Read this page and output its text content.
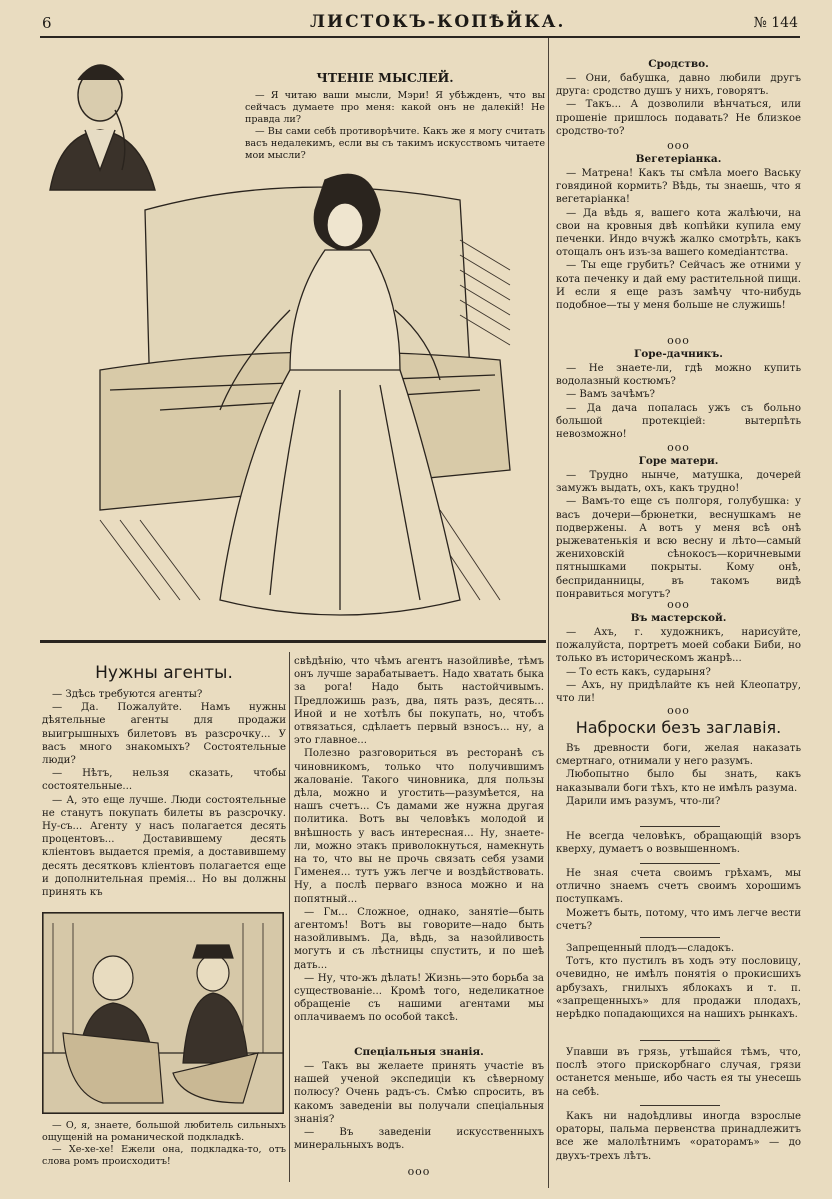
6	ЛИСТОКЪ-КОПѢЙКА.	№ 144
ЧТЕНIЕ МЫСЛЕЙ.

— Я читаю ваши мысли, Мэри! Я убѣжденъ, что вы сейчасъ думаете про меня: какой онъ не далекiй! Не правда ли?
— Вы сами себѣ противорѣчите. Какъ же я могу считать васъ недалекимъ, если вы съ такимъ искусствомъ читаете мои мысли?

Нужны агенты.

— Здѣсь требуются агенты?
— Да. Пожалуйте. Намъ нужны дѣятельные агенты для продажи выигрышныхъ билетовъ въ разсрочку... У васъ много знакомыхъ? Состоятельные люди?
— Нѣтъ, нельзя сказать, чтобы состоятельные...
— А, это еще лучше. Люди состоятельные не станутъ покупать билеты въ разсрочку. Ну-съ... Агенту у насъ полагается десять процентовъ... Доставившему десять клiентовъ выдается премiя, а доставившему десять десятковъ клiентовъ полагается еще и дополнительная премiя... Но вы должны принять къ

свѣдѣнiю, что чѣмъ агентъ назойливѣе, тѣмъ онъ лучше зарабатываетъ. Надо хватать быка за рога! Надо быть настойчивымъ. Предложишь разъ, два, пять разъ, десять... Иной и не хотѣлъ бы покупать, но, чтобъ отвязаться, сдѣлаетъ первый взносъ... ну, а это главное...
Полезно разговориться въ ресторанѣ съ чиновникомъ, только что получившимъ жалованiе. Такого чиновника, для пользы дѣла, можно и угостить—разумѣется, на нашъ счетъ... Съ дамами же нужна другая политика. Вотъ вы человѣкъ молодой и внѣшность у васъ интересная... Ну, знаете-ли, можно этакъ приволокнуться, намекнуть на то, что вы не прочь связать себя узами Гименея... тутъ ужъ легче и воздѣйствовать. Ну, а послѣ перваго взноса можно и на попятный...
— Гм... Сложное, однако, занятiе—быть агентомъ! Вотъ вы говорите—надо быть назойливымъ. Да, вѣдь, за назойливость могутъ и съ лѣстницы спустить, и по шеѣ дать...
— Ну, что-жъ дѣлать! Жизнь—это борьба за существованiе... Кромѣ того, неделикатное обращенiе съ нашими агентами мы оплачиваемъ по особой таксѣ.

Спецiальныя знанiя.

— Такъ вы желаете принять участiе въ нашей ученой экспедицiи къ сѣверному полюсу? Очень радъ-съ. Смѣю спросить, въ какомъ заведенiи вы получали спецiальныя знанiя?
— Въ заведенiи искусственныхъ минеральныхъ водъ.

ooo

— О, я, знаете, большой любитель сильныхъ ощущенiй на романической подкладкѣ.
— Хе-хе-хе! Ежели она, подкладка-то, отъ слова ромъ происходитъ!

Сродство.

— Они, бабушка, давно любили другъ друга: сродство душъ у нихъ, говорятъ.
— Такъ... А дозволили вѣнчаться, или прошенiе пришлось подавать? Не близкое сродство-то?

ooo
Вегетерiанка.

— Матрена! Какъ ты смѣла моего Ваську говядиной кормить? Вѣдь, ты знаешь, что я вегетарiанка!
— Да вѣдь я, вашего кота жалѣючи, на свои на кровныя двѣ копѣйки купила ему печенки. Индо вчужѣ жалко смотрѣть, какъ отощалъ онъ изъ-за вашего комедiантства.
— Ты еще грубить? Сейчасъ же отними у кота печенку и дай ему растительной пищи. И если я еще разъ замѣчу что-нибудь подобное—ты у меня больше не служишь!

ooo
Горе-дачникъ.

— Не знаете-ли, гдѣ можно купить водолазный костюмъ?
— Вамъ зачѣмъ?
— Да дача попалась ужъ съ больно большой протекцiей: вытерпѣть невозможно!

ooo
Горе матери.

— Трудно нынче, матушка, дочерей замужъ выдать, охъ, какъ трудно!
— Вамъ-то еще съ полгоря, голубушка: у васъ дочери—брюнетки, веснушкамъ не подвержены. А вотъ у меня всѣ онѣ рыжеватенькiя и всю весну и лѣто—самый жениховскiй сѣнокосъ—коричневыми пятнышками покрыты. Кому онѣ, бесприданницы, въ такомъ видѣ понравиться могутъ?

ooo
Въ мастерской.

— Ахъ, г. художникъ, нарисуйте, пожалуйста, портретъ моей собаки Биби, но только въ историческомъ жанрѣ...
— То есть какъ, сударыня?
— Ахъ, ну придѣлайте къ ней Клеопатру, что ли!

ooo
Наброски безъ заглавiя.

Въ древности боги, желая наказать смертнаго, отнимали у него разумъ.
Любопытно было бы знать, какъ наказывали боги тѣхъ, кто не имѣлъ разума.
Дарили имъ разумъ, что-ли?

Не всегда человѣкъ, обращающiй взоръ кверху, думаетъ о возвышенномъ.

Не зная счета своимъ грѣхамъ, мы отлично знаемъ счетъ своимъ хорошимъ поступкамъ.
Можетъ быть, потому, что имъ легче вести счетъ?

Запрещенный плодъ—сладокъ.
Тотъ, кто пустилъ въ ходъ эту пословицу, очевидно, не имѣлъ понятiя о прокисшихъ арбузахъ, гнилыхъ яблокахъ и т. п. «запрещенныхъ» для продажи плодахъ, нерѣдко попадающихся на нашихъ рынкахъ.

Упавши въ грязь, утѣшайся тѣмъ, что, послѣ этого прискорбнаго случая, грязи останется меньше, ибо часть ея ты унесешь на себѣ.

Какъ ни надоѣдливы иногда взрослые ораторы, пальма первенства принадлежитъ все же малолѣтнимъ «ораторамъ» — до двухъ-трехъ лѣтъ.
